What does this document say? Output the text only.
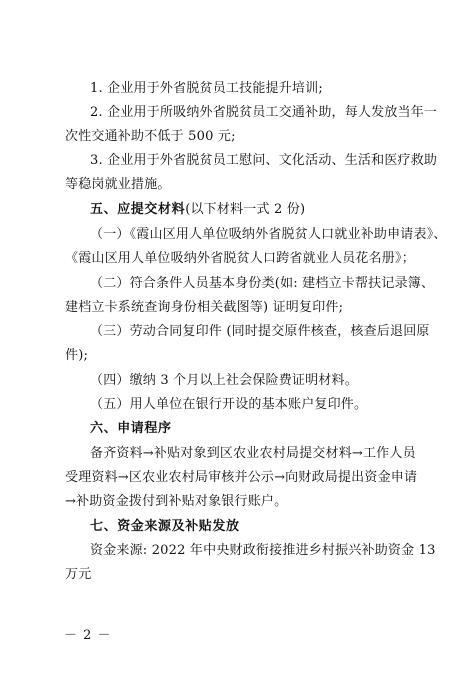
1. 企业用于外省脱贫员工技能提升培训;
2. 企业用于所吸纳外省脱贫员工交通补助，每人发放当年一
次性交通补助不低于 500 元;
3. 企业用于外省脱贫员工慰问、文化活动、生活和医疗救助
等稳岗就业措施。
五、应提交材料(以下材料一式 2 份)
（一）《霞山区用人单位吸纳外省脱贫人口就业补助申请表》、
《霞山区用人单位吸纳外省脱贫人口跨省就业人员花名册》；
（二）符合条件人员基本身份类(如: 建档立卡帮扶记录簿、
建档立卡系统查询身份相关截图等) 证明复印件;
（三）劳动合同复印件 (同时提交原件核查，核查后退回原
件);
（四）缴纳 3 个月以上社会保险费证明材料。
（五）用人单位在银行开设的基本账户复印件。
六、申请程序
备齐资料→补贴对象到区农业农村局提交材料→工作人员
受理资料→区农业农村局审核并公示→向财政局提出资金申请
→补助资金拨付到补贴对象银行账户。
七、资金来源及补贴发放
资金来源: 2022 年中央财政衔接推进乡村振兴补助资金 13
万元
－ 2 －
